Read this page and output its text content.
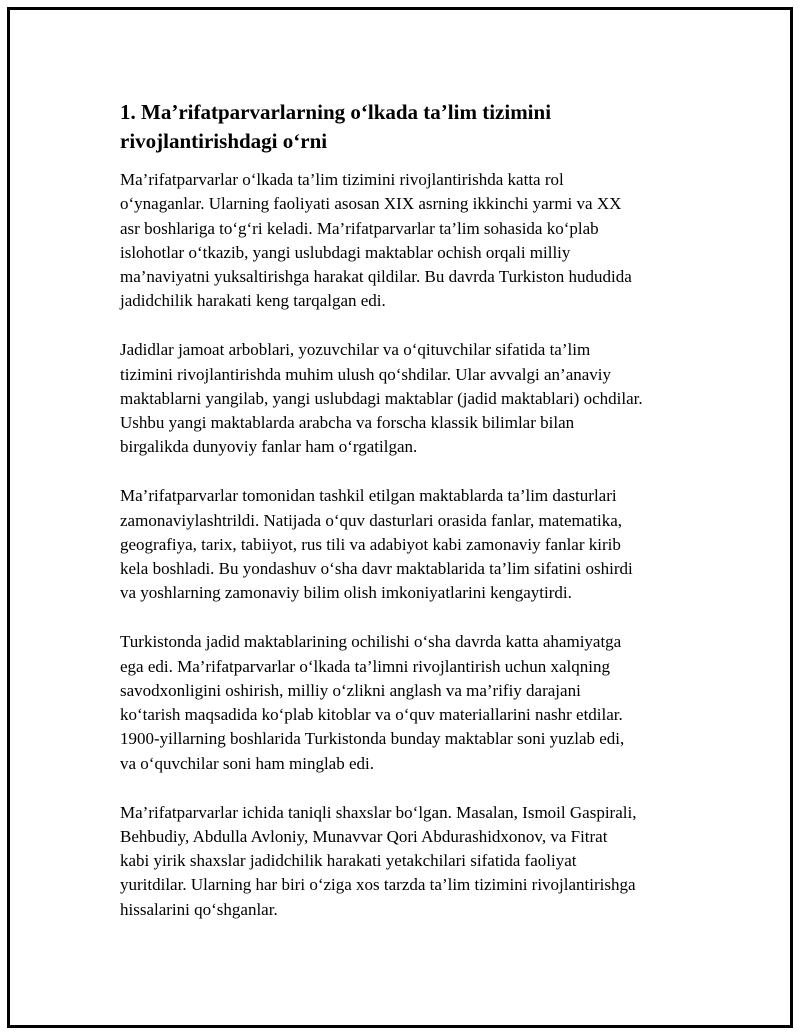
1. Ma’rifatparvarlarning o‘lkada ta’lim tizimini
rivojlantirishdagi o‘rni

Ma’rifatparvarlar o‘lkada ta’lim tizimini rivojlantirishda katta rol
o‘ynaganlar. Ularning faoliyati asosan XIX asrning ikkinchi yarmi va XX
asr boshlariga to‘g‘ri keladi. Ma’rifatparvarlar ta’lim sohasida ko‘plab
islohotlar o‘tkazib, yangi uslubdagi maktablar ochish orqali milliy
ma’naviyatni yuksaltirishga harakat qildilar. Bu davrda Turkiston hududida
jadidchilik harakati keng tarqalgan edi.

Jadidlar jamoat arboblari, yozuvchilar va o‘qituvchilar sifatida ta’lim
tizimini rivojlantirishda muhim ulush qo‘shdilar. Ular avvalgi an’anaviy
maktablarni yangilab, yangi uslubdagi maktablar (jadid maktablari) ochdilar.
Ushbu yangi maktablarda arabcha va forscha klassik bilimlar bilan
birgalikda dunyoviy fanlar ham o‘rgatilgan.

Ma’rifatparvarlar tomonidan tashkil etilgan maktablarda ta’lim dasturlari
zamonaviylashtrildi. Natijada o‘quv dasturlari orasida fanlar, matematika,
geografiya, tarix, tabiiyot, rus tili va adabiyot kabi zamonaviy fanlar kirib
kela boshladi. Bu yondashuv o‘sha davr maktablarida ta’lim sifatini oshirdi
va yoshlarning zamonaviy bilim olish imkoniyatlarini kengaytirdi.

Turkistonda jadid maktablarining ochilishi o‘sha davrda katta ahamiyatga
ega edi. Ma’rifatparvarlar o‘lkada ta’limni rivojlantirish uchun xalqning
savodxonligini oshirish, milliy o‘zlikni anglash va ma’rifiy darajani
ko‘tarish maqsadida ko‘plab kitoblar va o‘quv materiallarini nashr etdilar.
1900-yillarning boshlarida Turkistonda bunday maktablar soni yuzlab edi,
va o‘quvchilar soni ham minglab edi.

Ma’rifatparvarlar ichida taniqli shaxslar bo‘lgan. Masalan, Ismoil Gaspirali,
Behbudiy, Abdulla Avloniy, Munavvar Qori Abdurashidxonov, va Fitrat
kabi yirik shaxslar jadidchilik harakati yetakchilari sifatida faoliyat
yuritdilar. Ularning har biri o‘ziga xos tarzda ta’lim tizimini rivojlantirishga
hissalarini qo‘shganlar.
